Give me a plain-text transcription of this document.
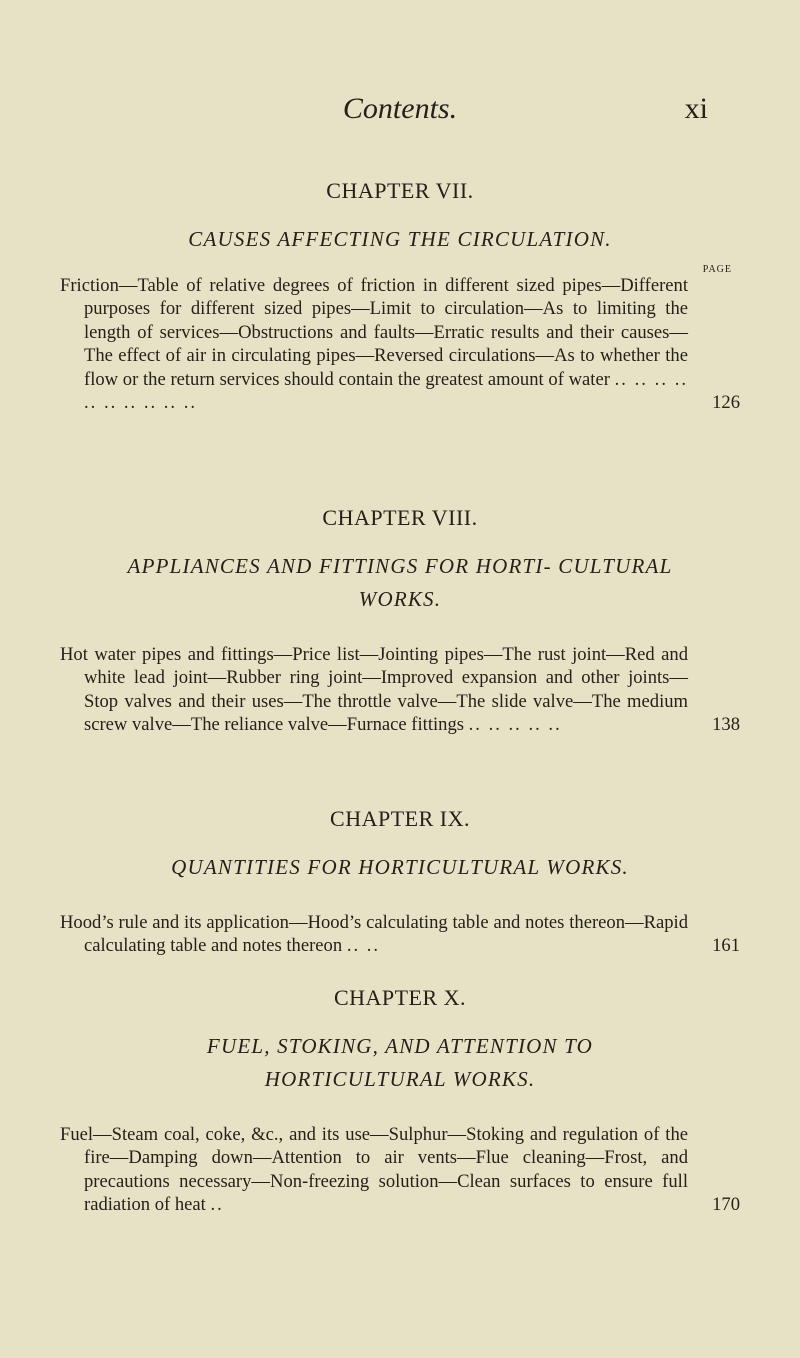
Contents.	xi

CHAPTER VII.

CAUSES AFFECTING THE CIRCULATION.

PAGE

Friction—Table of relative degrees of friction in different sized pipes—Different purposes for different sized pipes—Limit to circulation—As to limiting the length of services—Obstructions and faults—Erratic results and their causes—The effect of air in circulating pipes—Reversed circulations—As to whether the flow or the return services should contain the greatest amount of water .. .. .. .. .. .. .. .. .. ..	126

CHAPTER VIII.

APPLIANCES AND FITTINGS FOR HORTI- CULTURAL WORKS.

Hot water pipes and fittings—Price list—Jointing pipes—The rust joint—Red and white lead joint—Rubber ring joint—Improved expansion and other joints—Stop valves and their uses—The throttle valve—The slide valve—The medium screw valve—The reliance valve—Furnace fittings .. .. .. .. ..	138

CHAPTER IX.

QUANTITIES FOR HORTICULTURAL WORKS.

Hood’s rule and its application—Hood’s calculating table and notes thereon—Rapid calculating table and notes thereon .. ..	161

CHAPTER X.

FUEL, STOKING, AND ATTENTION TO HORTICULTURAL WORKS.

Fuel—Steam coal, coke, &c., and its use—Sulphur—Stoking and regulation of the fire—Damping down—Attention to air vents—Flue cleaning—Frost, and precautions necessary—Non-freezing solution—Clean surfaces to ensure full radiation of heat ..	170
